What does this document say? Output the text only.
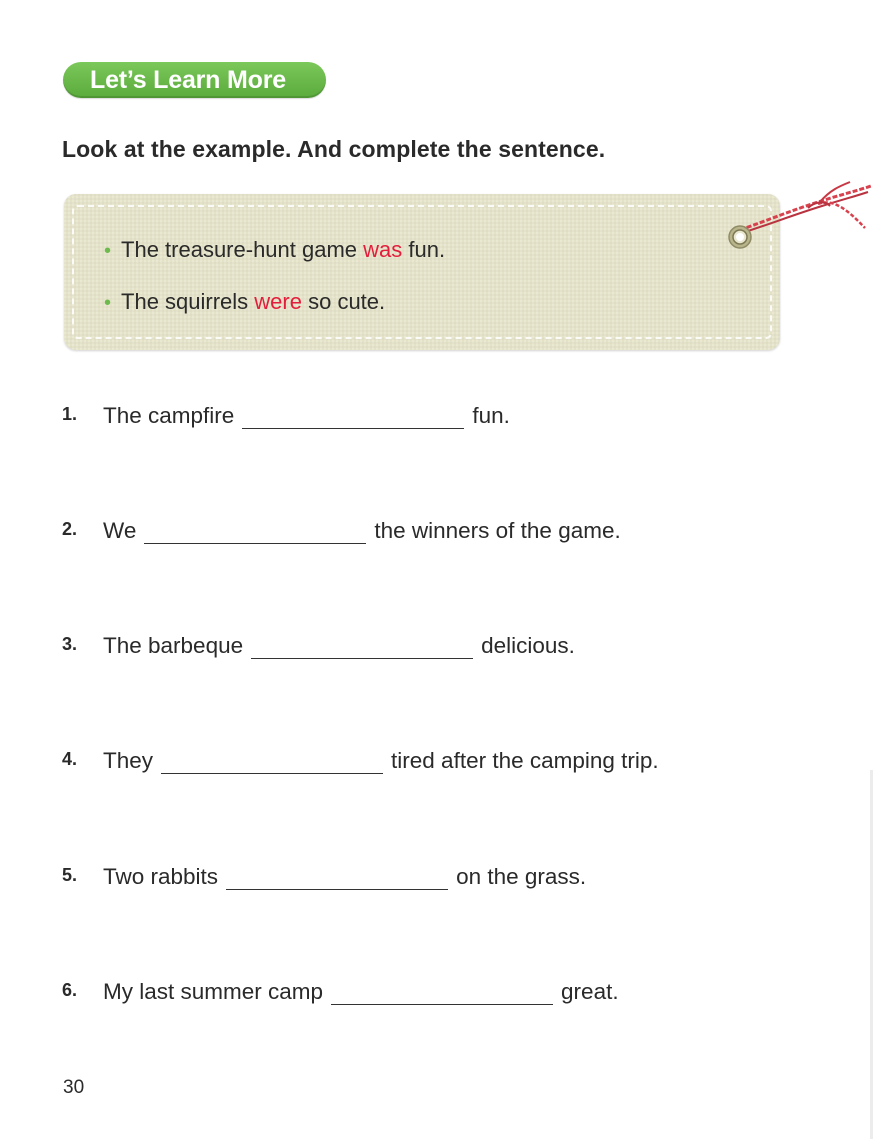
Let’s Learn More
Look at the example. And complete the sentence.
• The treasure-hunt game was fun.
• The squirrels were so cute.
1. The campfire	fun.
2. We	the winners of the game.
3. The barbeque	delicious.
4. They	tired after the camping trip.
5. Two rabbits	on the grass.
6. My last summer camp	great.
30
